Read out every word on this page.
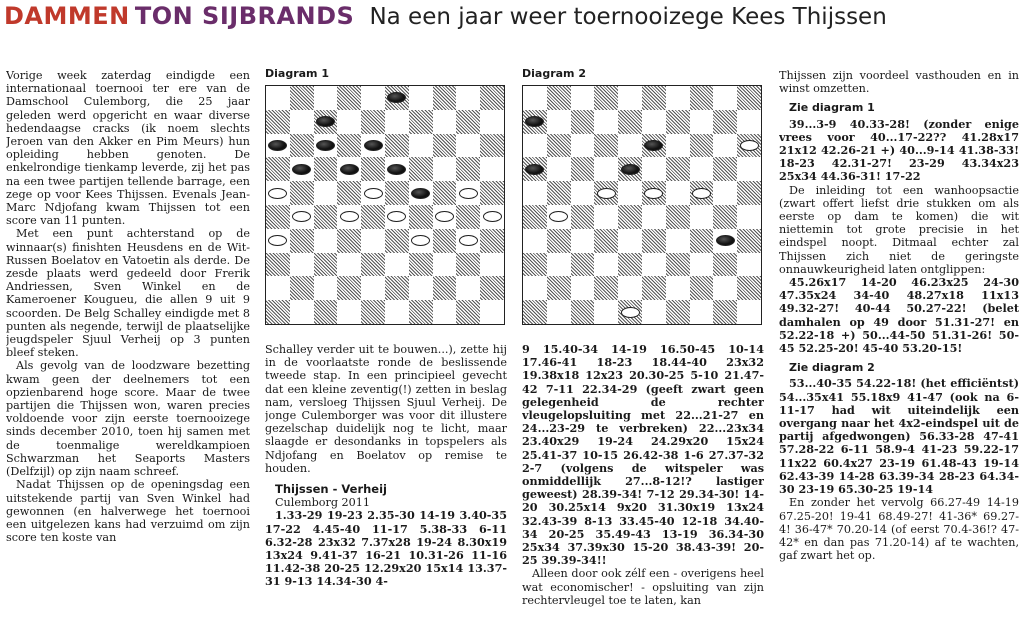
DAMMEN TON SIJBRANDS Na een jaar weer toernooizege Kees Thijssen

Vorige week zaterdag eindigde een internationaal toernooi ter ere van de Damschool Culemborg, die 25 jaar geleden werd opgericht en waar diverse hedendaagse cracks (ik noem slechts Jeroen van den Akker en Pim Meurs) hun opleiding hebben genoten. De enkelrondige tienkamp leverde, zij het pas na een twee partijen tellende barrage, een zege op voor Kees Thijssen. Evenals Jean-Marc Ndjofang kwam Thijssen tot een score van 11 punten.

Met een punt achterstand op de winnaar(s) finishten Heusdens en de Wit-Russen Boelatov en Vatoetin als derde. De zesde plaats werd gedeeld door Frerik Andriessen, Sven Winkel en de Kameroener Kougueu, die allen 9 uit 9 scoorden. De Belg Schalley eindigde met 8 punten als negende, terwijl de plaatselijke jeugdspeler Sjuul Verheij op 3 punten bleef steken.

Als gevolg van de loodzware bezetting kwam geen der deelnemers tot een opzienbarend hoge score. Maar de twee partijen die Thijssen won, waren precies voldoende voor zijn eerste toernooizege sinds december 2010, toen hij samen met de toenmalige wereldkampioen Schwarzman het Seaports Masters (Delfzijl) op zijn naam schreef.

Nadat Thijssen op de openingsdag een uitstekende partij van Sven Winkel had gewonnen (en halverwege het toernooi een uitgelezen kans had verzuimd om zijn score ten koste van

Diagram 1	Diagram 2

Schalley verder uit te bouwen...), zette hij in de voorlaatste ronde de beslissende tweede stap. In een principieel gevecht dat een kleine zeventig(!) zetten in beslag nam, versloeg Thijssen Sjuul Verheij. De jonge Culemborger was voor dit illustere gezelschap duidelijk nog te licht, maar slaagde er desondanks in topspelers als Ndjofang en Boelatov op remise te houden.

Thijssen - Verheij

Culemborg 2011

1.33-29 19-23 2.35-30 14-19 3.40-35 17-22 4.45-40 11-17 5.38-33 6-11 6.32-28 23x32 7.37x28 19-24 8.30x19 13x24 9.41-37 16-21 10.31-26 11-16 11.42-38 20-25 12.29x20 15x14 13.37-31 9-13 14.34-30 4-

9 15.40-34 14-19 16.50-45 10-14 17.46-41 18-23 18.44-40 23x32 19.38x18 12x23 20.30-25 5-10 21.47-42 7-11 22.34-29 (geeft zwart geen gelegenheid de rechter vleugelopsluiting met 22...21-27 en 24...23-29 te verbreken) 22...23x34 23.40x29 19-24 24.29x20 15x24 25.41-37 10-15 26.42-38 1-6 27.37-32 2-7 (volgens de witspeler was onmiddellijk 27...8-12!? lastiger geweest) 28.39-34! 7-12 29.34-30! 14-20 30.25x14 9x20 31.30x19 13x24 32.43-39 8-13 33.45-40 12-18 34.40-34 20-25 35.49-43 13-19 36.34-30 25x34 37.39x30 15-20 38.43-39! 20-25 39.39-34!!

Alleen door ook zélf een - overigens heel wat economischer! - opsluiting van zijn rechtervleugel toe te laten, kan

Thijssen zijn voordeel vasthouden en in winst omzetten.

Zie diagram 1

39...3-9 40.33-28! (zonder enige vrees voor 40...17-22?? 41.28x17 21x12 42.26-21 +) 40...9-14 41.38-33! 18-23 42.31-27! 23-29 43.34x23 25x34 44.36-31! 17-22

De inleiding tot een wanhoopsactie (zwart offert liefst drie stukken om als eerste op dam te komen) die wit niettemin tot grote precisie in het eindspel noopt. Ditmaal echter zal Thijssen zich niet de geringste onnauwkeurigheid laten ontglippen:

45.26x17 14-20 46.23x25 24-30 47.35x24 34-40 48.27x18 11x13 49.32-27! 40-44 50.27-22! (belet damhalen op 49 door 51.31-27! en 52.22-18 +) 50...44-50 51.31-26! 50-45 52.25-20! 45-40 53.20-15!

Zie diagram 2

53...40-35 54.22-18! (het efficiëntst) 54...35x41 55.18x9 41-47 (ook na 6-11-17 had wit uiteindelijk een overgang naar het 4x2-eindspel uit de partij afgedwongen) 56.33-28 47-41 57.28-22 6-11 58.9-4 41-23 59.22-17 11x22 60.4x27 23-19 61.48-43 19-14 62.43-39 14-28 63.39-34 28-23 64.34-30 23-19 65.30-25 19-14

En zonder het vervolg 66.27-49 14-19 67.25-20! 19-41 68.49-27! 41-36* 69.27-4! 36-47* 70.20-14 (of eerst 70.4-36!? 47-42* en dan pas 71.20-14) af te wachten, gaf zwart het op.
